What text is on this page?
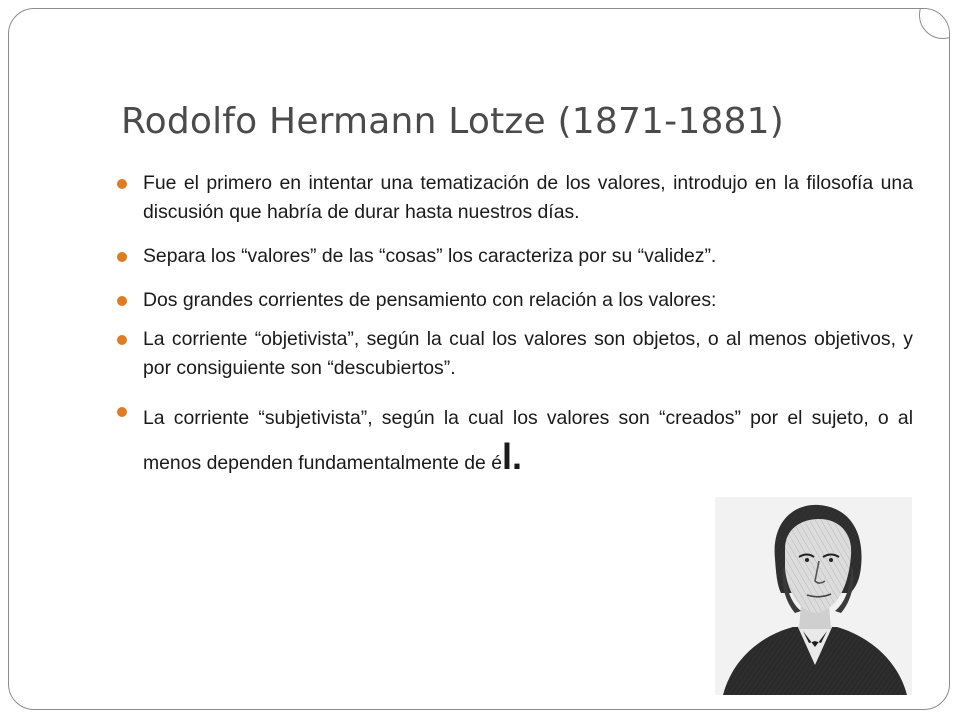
Rodolfo Hermann Lotze (1871-1881)
Fue el primero en intentar una tematización de los valores, introdujo en la filosofía una discusión que habría de durar hasta nuestros días.
Separa los “valores” de las “cosas” los caracteriza por su “validez”.
Dos grandes corrientes de pensamiento con relación a los valores:
La corriente “objetivista”, según la cual los valores son objetos, o al menos objetivos, y por consiguiente son “descubiertos”.
La corriente “subjetivista”, según la cual los valores son “creados” por el sujeto, o al menos dependen fundamentalmente de él.
